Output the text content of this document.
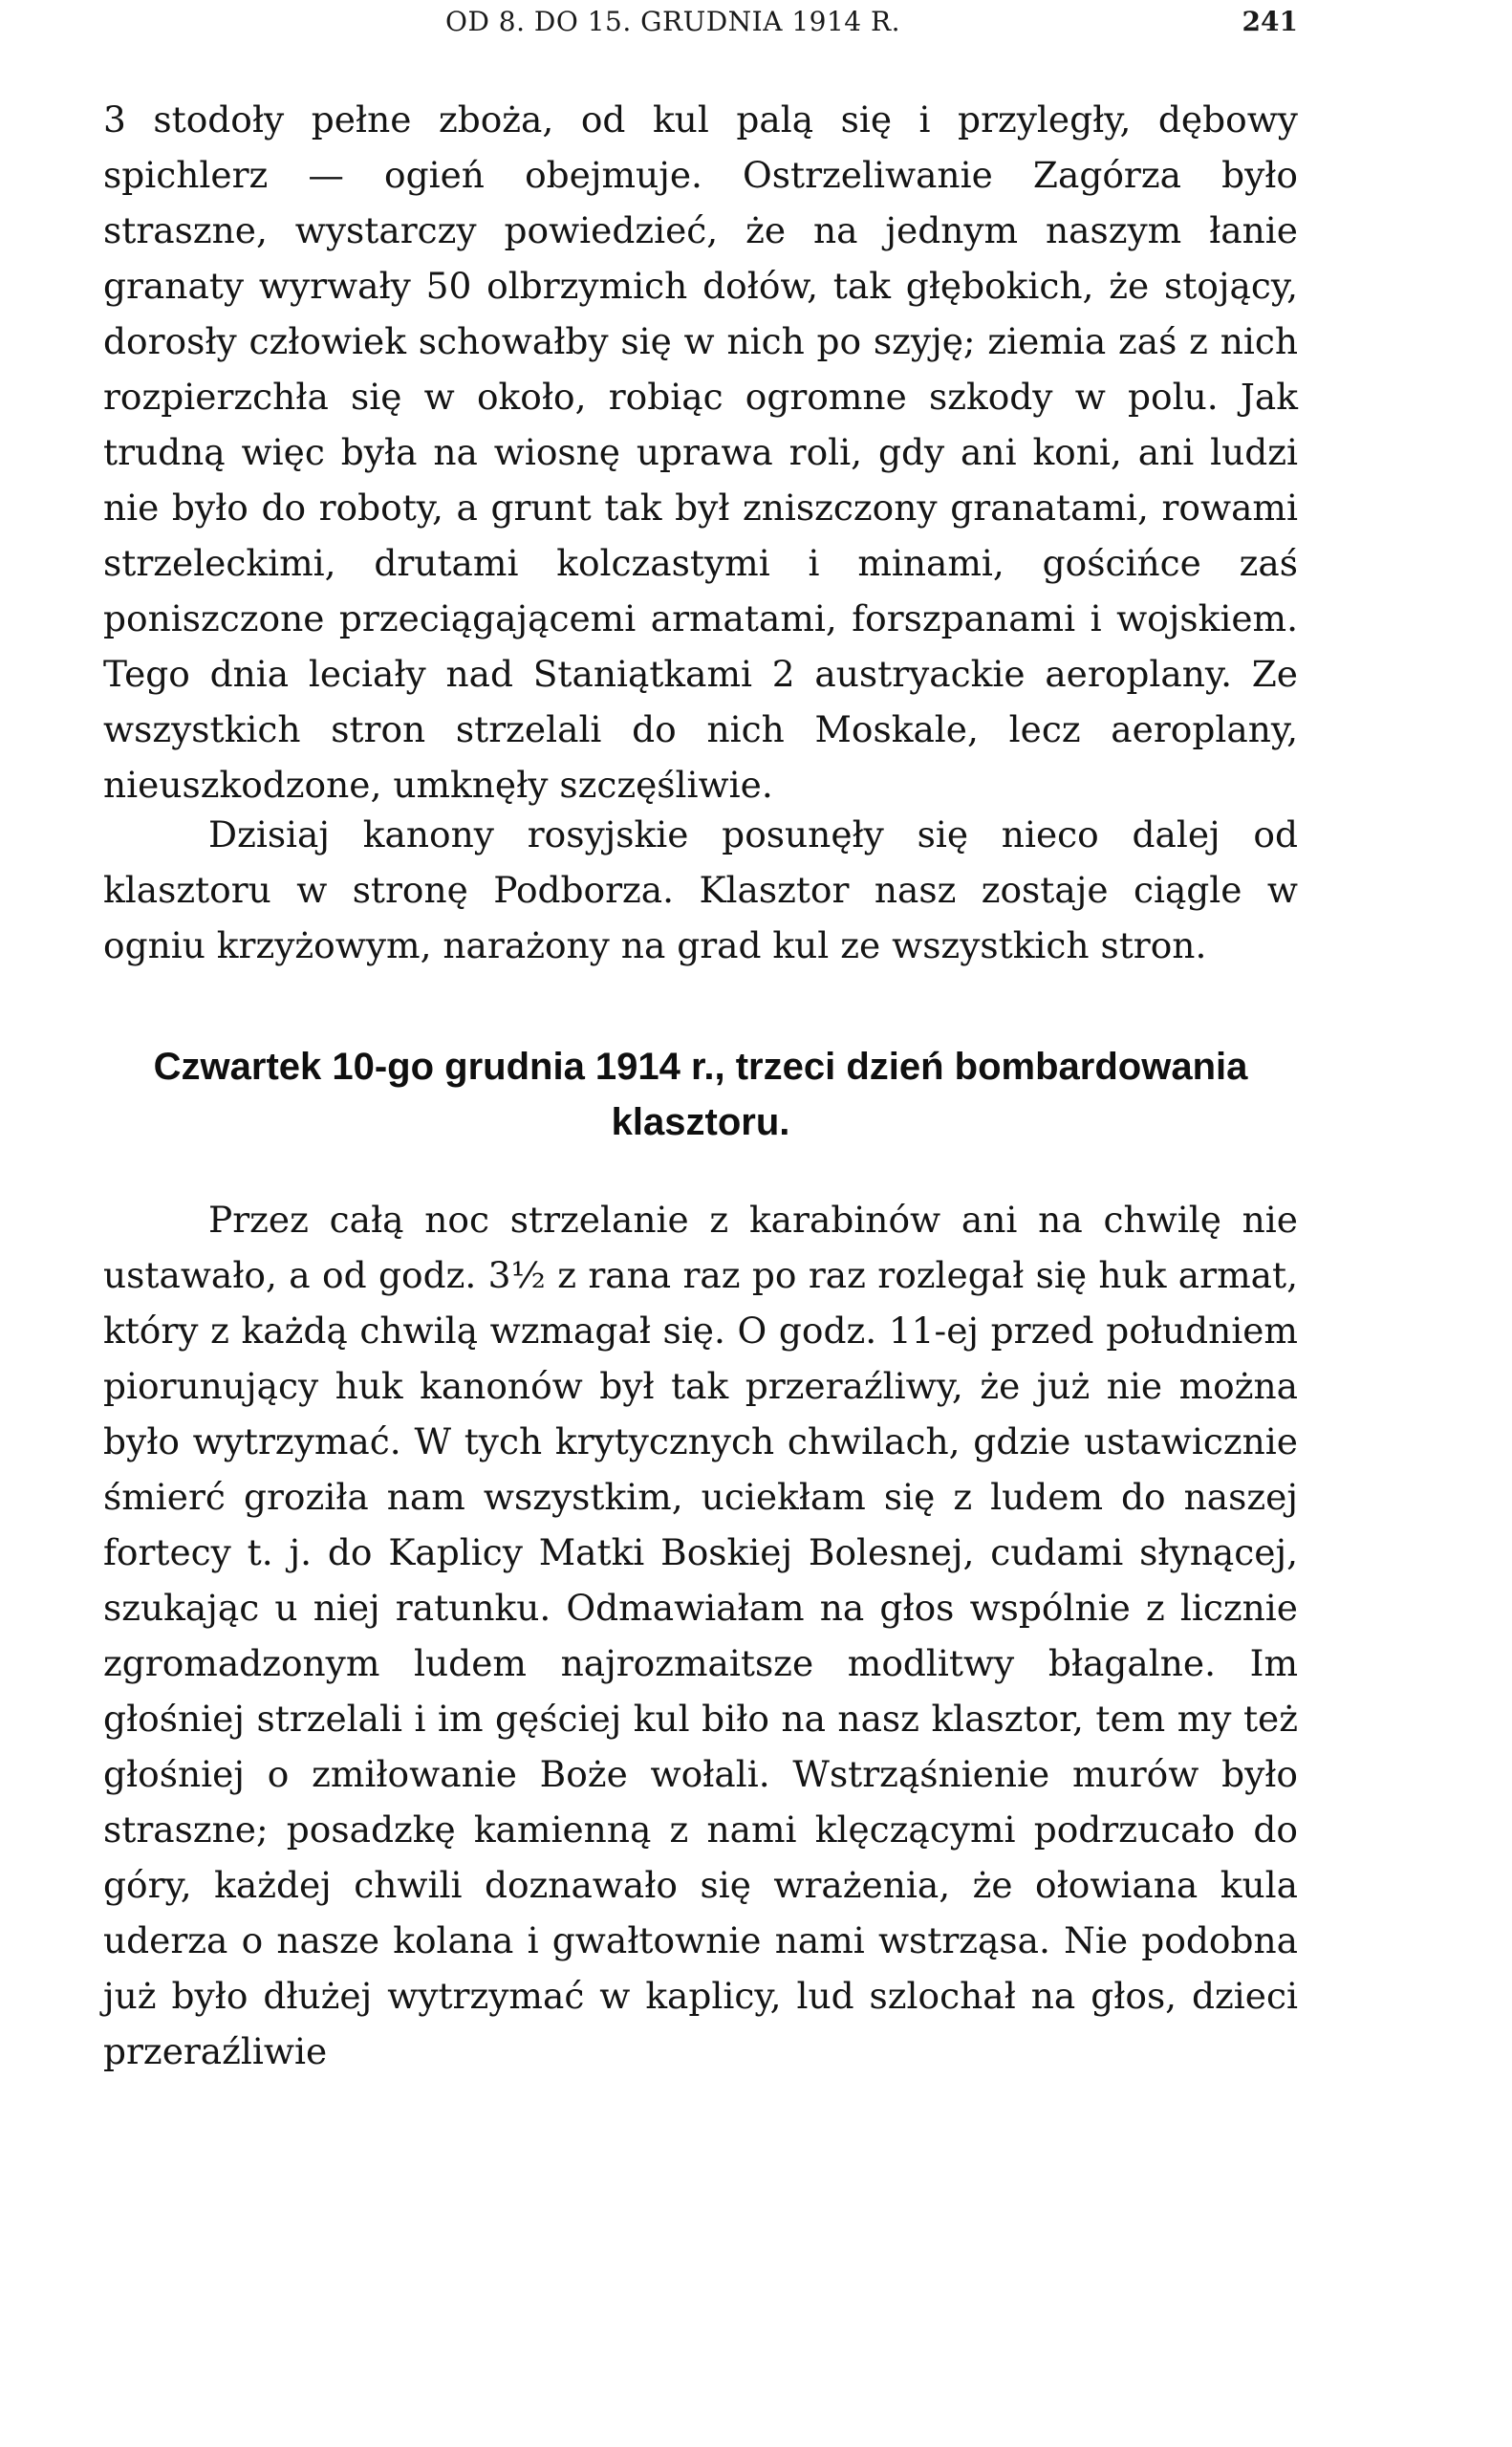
OD 8. DO 15. GRUDNIA 1914 R.	241

3 stodoły pełne zboża, od kul palą się i przyległy, dębowy spichlerz — ogień obejmuje. Ostrzeliwanie Zagórza było straszne, wystarczy powiedzieć, że na jednym naszym łanie granaty wyrwały 50 olbrzymich dołów, tak głębokich, że stojący, dorosły człowiek schowałby się w nich po szyję; ziemia zaś z nich rozpierzchła się w około, robiąc ogromne szkody w polu. Jak trudną więc była na wiosnę uprawa roli, gdy ani koni, ani ludzi nie było do roboty, a grunt tak był zniszczony granatami, rowami strzeleckimi, drutami kolczastymi i minami, gościńce zaś poniszczone przeciągającemi armatami, forszpanami i wojskiem. Tego dnia leciały nad Staniątkami 2 austryackie aeroplany. Ze wszystkich stron strzelali do nich Moskale, lecz aeroplany, nieuszkodzone, umknęły szczęśliwie.

Dzisiaj kanony rosyjskie posunęły się nieco dalej od klasztoru w stronę Podborza. Klasztor nasz zostaje ciągle w ogniu krzyżowym, narażony na grad kul ze wszystkich stron.

Czwartek 10-go grudnia 1914 r., trzeci dzień bombardowania klasztoru.

Przez całą noc strzelanie z karabinów ani na chwilę nie ustawało, a od godz. 3½ z rana raz po raz rozlegał się huk armat, który z każdą chwilą wzmagał się. O godz. 11-ej przed południem piorunujący huk kanonów był tak przeraźliwy, że już nie można było wytrzymać. W tych krytycznych chwilach, gdzie ustawicznie śmierć groziła nam wszystkim, uciekłam się z ludem do naszej fortecy t. j. do Kaplicy Matki Boskiej Bolesnej, cudami słynącej, szukając u niej ratunku. Odmawiałam na głos wspólnie z licznie zgromadzonym ludem najrozmaitsze modlitwy błagalne. Im głośniej strzelali i im gęściej kul biło na nasz klasztor, tem my też głośniej o zmiłowanie Boże wołali. Wstrząśnienie murów było straszne; posadzkę kamienną z nami klęczącymi podrzucało do góry, każdej chwili doznawało się wrażenia, że ołowiana kula uderza o nasze kolana i gwałtownie nami wstrząsa. Nie podobna już było dłużej wytrzymać w kaplicy, lud szlochał na głos, dzieci przeraźliwie
